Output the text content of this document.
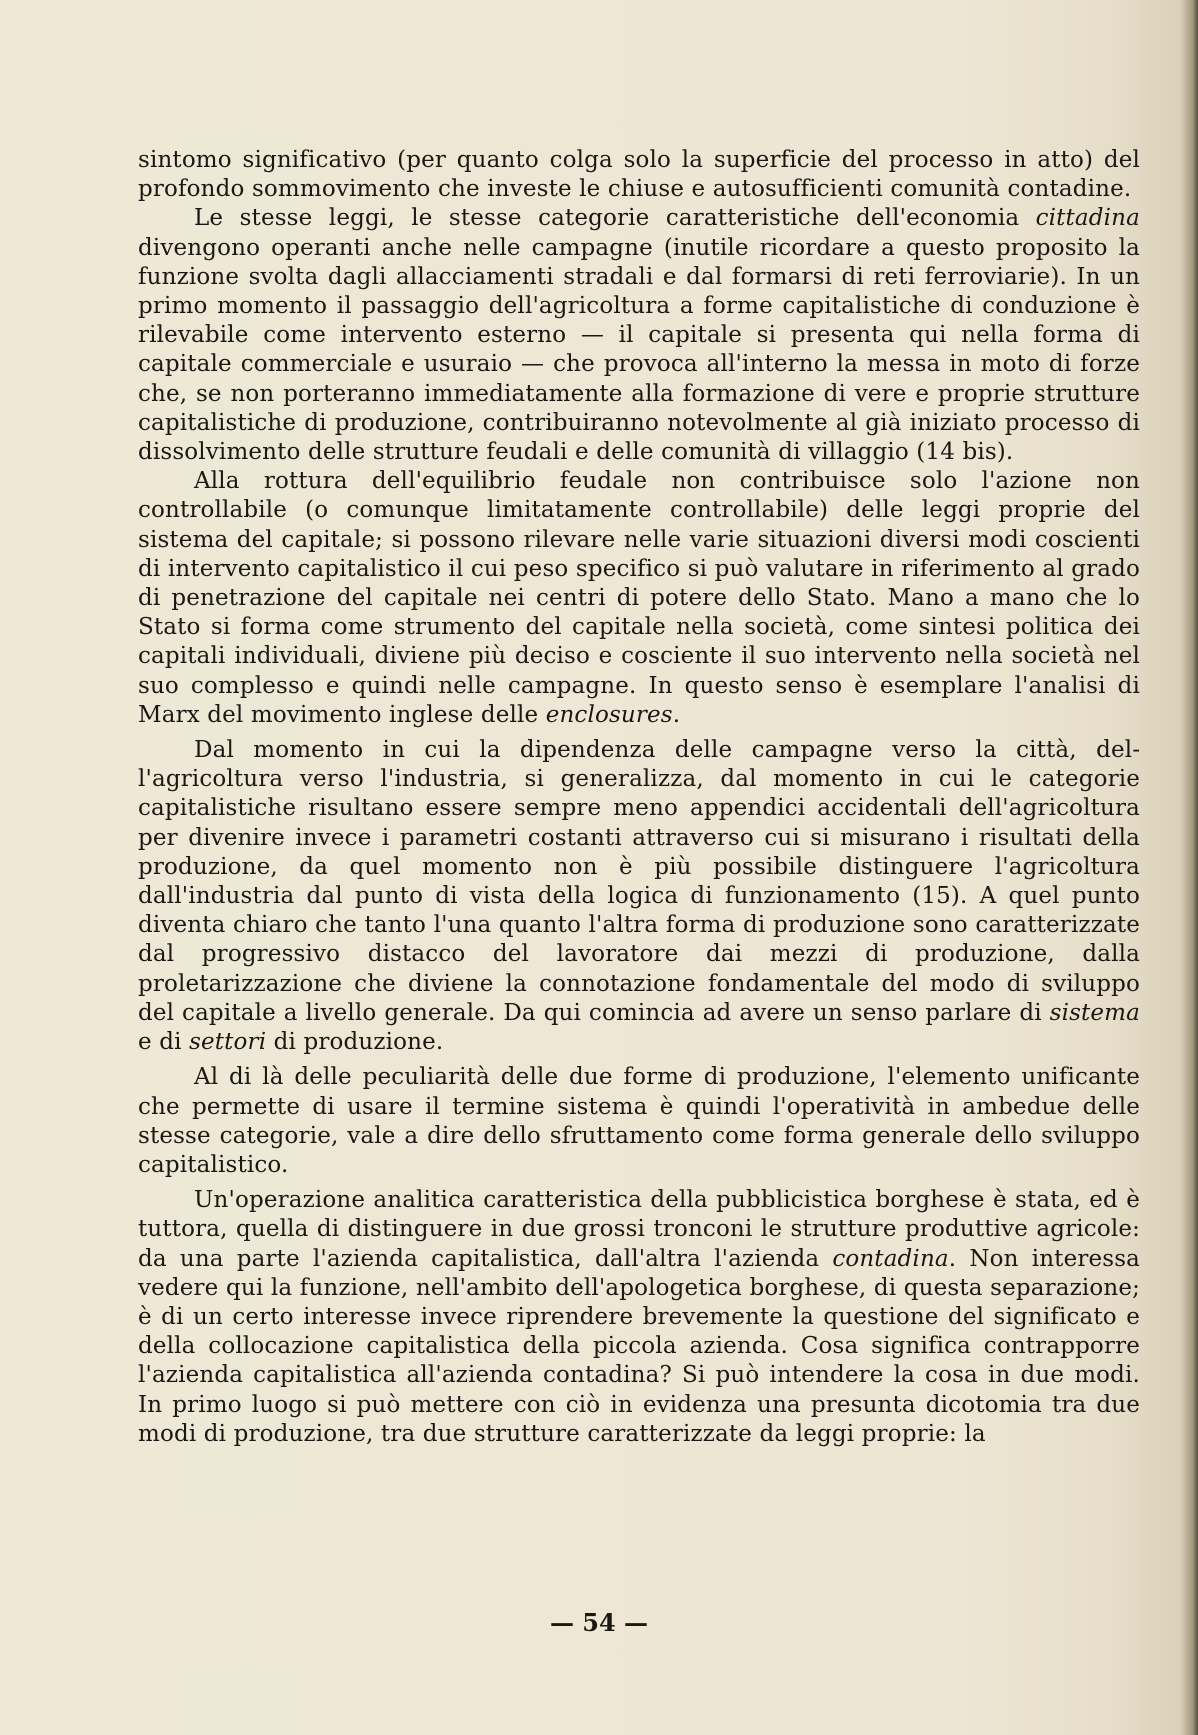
sintomo significativo (per quanto colga solo la superficie del processo in atto) del profondo sommovimento che investe le chiuse e autosufficienti comunità contadine.

Le stesse leggi, le stesse categorie caratteristiche dell'economia cittadina divengono operanti anche nelle campagne (inutile ricordare a questo proposito la funzione svolta dagli allacciamenti stradali e dal formarsi di reti ferroviarie). In un primo momento il passaggio dell'agricoltura a forme capitalistiche di conduzione è rilevabile come intervento esterno — il capitale si presenta qui nella forma di capitale commerciale e usuraio — che provoca all'interno la messa in moto di forze che, se non porteranno immediatamente alla formazione di vere e proprie strutture capitalistiche di produzione, contribuiranno notevolmente al già iniziato processo di dissolvimento delle strutture feudali e delle comunità di villaggio (14 bis).

Alla rottura dell'equilibrio feudale non contribuisce solo l'azione non controllabile (o comunque limitatamente controllabile) delle leggi proprie del sistema del capitale; si possono rilevare nelle varie situazioni diversi modi coscienti di intervento capitalistico il cui peso specifico si può valutare in riferimento al grado di penetrazione del capitale nei centri di potere dello Stato. Mano a mano che lo Stato si forma come strumento del capitale nella società, come sintesi politica dei capitali individuali, diviene più deciso e cosciente il suo intervento nella società nel suo complesso e quindi nelle campagne. In questo senso è esemplare l'analisi di Marx del movimento inglese delle enclosures.

Dal momento in cui la dipendenza delle campagne verso la città, dell'agricoltura verso l'industria, si generalizza, dal momento in cui le categorie capitalistiche risultano essere sempre meno appendici accidentali dell'agricoltura per divenire invece i parametri costanti attraverso cui si misurano i risultati della produzione, da quel momento non è più possibile distinguere l'agricoltura dall'industria dal punto di vista della logica di funzionamento (15). A quel punto diventa chiaro che tanto l'una quanto l'altra forma di produzione sono caratterizzate dal progressivo distacco del lavoratore dai mezzi di produzione, dalla proletarizzazione che diviene la connotazione fondamentale del modo di sviluppo del capitale a livello generale. Da qui comincia ad avere un senso parlare di sistema e di settori di produzione.

Al di là delle peculiarità delle due forme di produzione, l'elemento unificante che permette di usare il termine sistema è quindi l'operatività in ambedue delle stesse categorie, vale a dire dello sfruttamento come forma generale dello sviluppo capitalistico.

Un'operazione analitica caratteristica della pubblicistica borghese è stata, ed è tuttora, quella di distinguere in due grossi tronconi le strutture produttive agricole: da una parte l'azienda capitalistica, dall'altra l'azienda contadina. Non interessa vedere qui la funzione, nell'ambito dell'apologetica borghese, di questa separazione; è di un certo interesse invece riprendere brevemente la questione del significato e della collocazione capitalistica della piccola azienda. Cosa significa contrapporre l'azienda capitalistica all'azienda contadina? Si può intendere la cosa in due modi. In primo luogo si può mettere con ciò in evidenza una presunta dicotomia tra due modi di produzione, tra due strutture caratterizzate da leggi proprie: la

— 54 —
